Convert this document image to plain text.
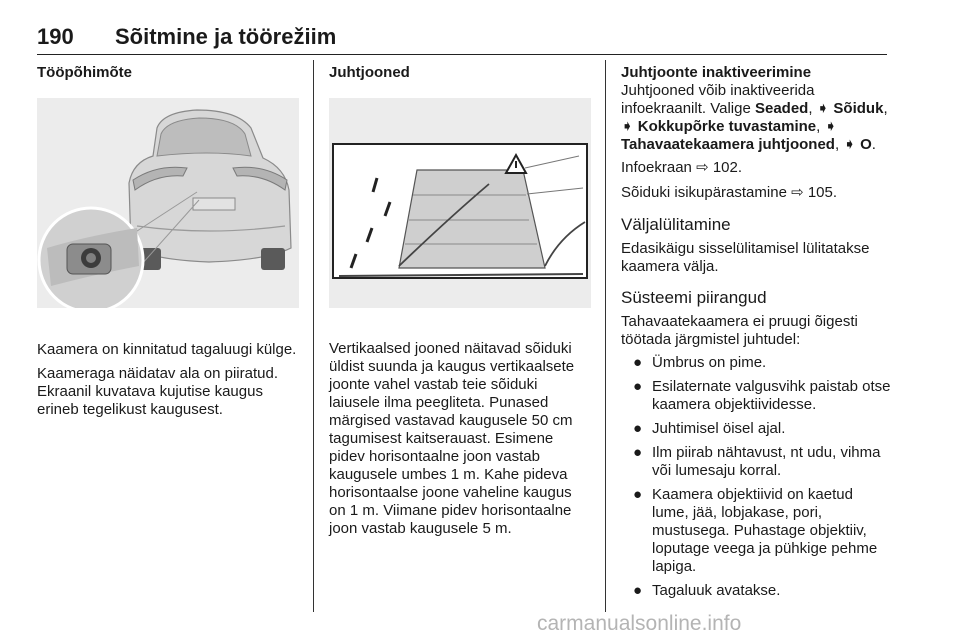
190 Sõitmine ja töörežiim

Tööpõhimõte

Kaamera on kinnitatud tagaluugi külge.

Kaameraga näidatav ala on piiratud. Ekraanil kuvatava kujutise kaugus erineb tegelikust kaugusest.

Juhtjooned

Vertikaalsed jooned näitavad sõiduki üldist suunda ja kaugus vertikaalsete joonte vahel vastab teie sõiduki laiusele ilma peegliteta. Punased märgised vastavad kaugusele 50 cm tagumisest kaitserauast. Esimene pidev horisontaalne joon vastab kaugusele umbes 1 m. Kahe pideva horisontaalse joone vaheline kaugus on 1 m. Viimane pidev horisontaalne joon vastab kaugusele 5 m.

Juhtjoonte inaktiveerimine

Juhtjooned võib inaktiveerida infoekraanilt. Valige Seaded, ➧ Sõiduk, ➧ Kokkupõrke tuvastamine, ➧ Tahavaatekaamera juhtjooned, ➧ O.

Infoekraan ⇨ 102.

Sõiduki isikupärastamine ⇨ 105.

Väljalülitamine

Edasikäigu sisselülitamisel lülitatakse kaamera välja.

Süsteemi piirangud

Tahavaatekaamera ei pruugi õigesti töötada järgmistel juhtudel:

● Ümbrus on pime.
● Esilaternate valgusvihk paistab otse kaamera objektiividesse.
● Juhtimisel öisel ajal.
● Ilm piirab nähtavust, nt udu, vihma või lumesaju korral.
● Kaamera objektiivid on kaetud lume, jää, lobjakase, pori, mustusega. Puhastage objektiiv, loputage veega ja pühkige pehme lapiga.
● Tagaluuk avatakse.
carmanualsonline.info
